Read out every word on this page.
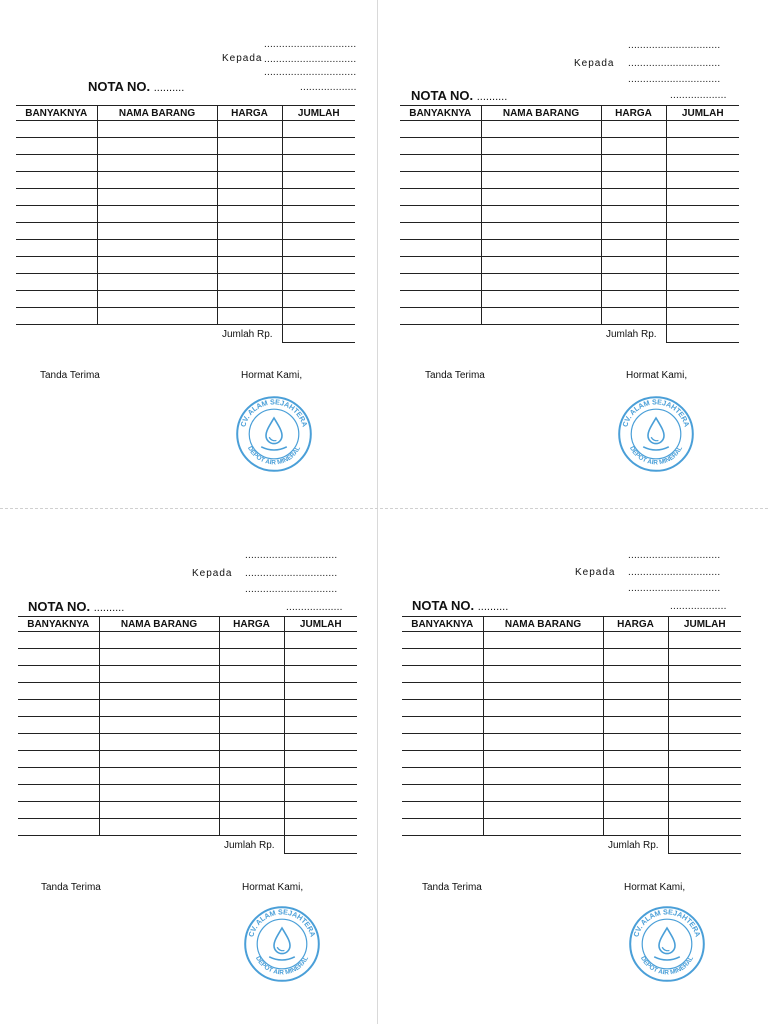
...............................
Kepada ...............................
...............................
NOTA NO. ..........	...................
BANYAKNYA	NAMA BARANG	HARGA	JUMLAH

Jumlah Rp.
Tanda Terima	Hormat Kami,
CV. ALAM SEJAHTERA
DEPOT AIR MINERAL
...............................
Kepada ...............................
...............................
NOTA NO. ..........	...................
BANYAKNYA	NAMA BARANG	HARGA	JUMLAH

Jumlah Rp.
Tanda Terima	Hormat Kami,
CV. ALAM SEJAHTERA
DEPOT AIR MINERAL
...............................
Kepada ...............................
...............................
NOTA NO. ..........	...................
BANYAKNYA	NAMA BARANG	HARGA	JUMLAH

Jumlah Rp.
Tanda Terima	Hormat Kami,
CV. ALAM SEJAHTERA
DEPOT AIR MINERAL
...............................
Kepada ...............................
...............................
NOTA NO. ..........	...................
BANYAKNYA	NAMA BARANG	HARGA	JUMLAH

Jumlah Rp.
Tanda Terima	Hormat Kami,
CV. ALAM SEJAHTERA
DEPOT AIR MINERAL
